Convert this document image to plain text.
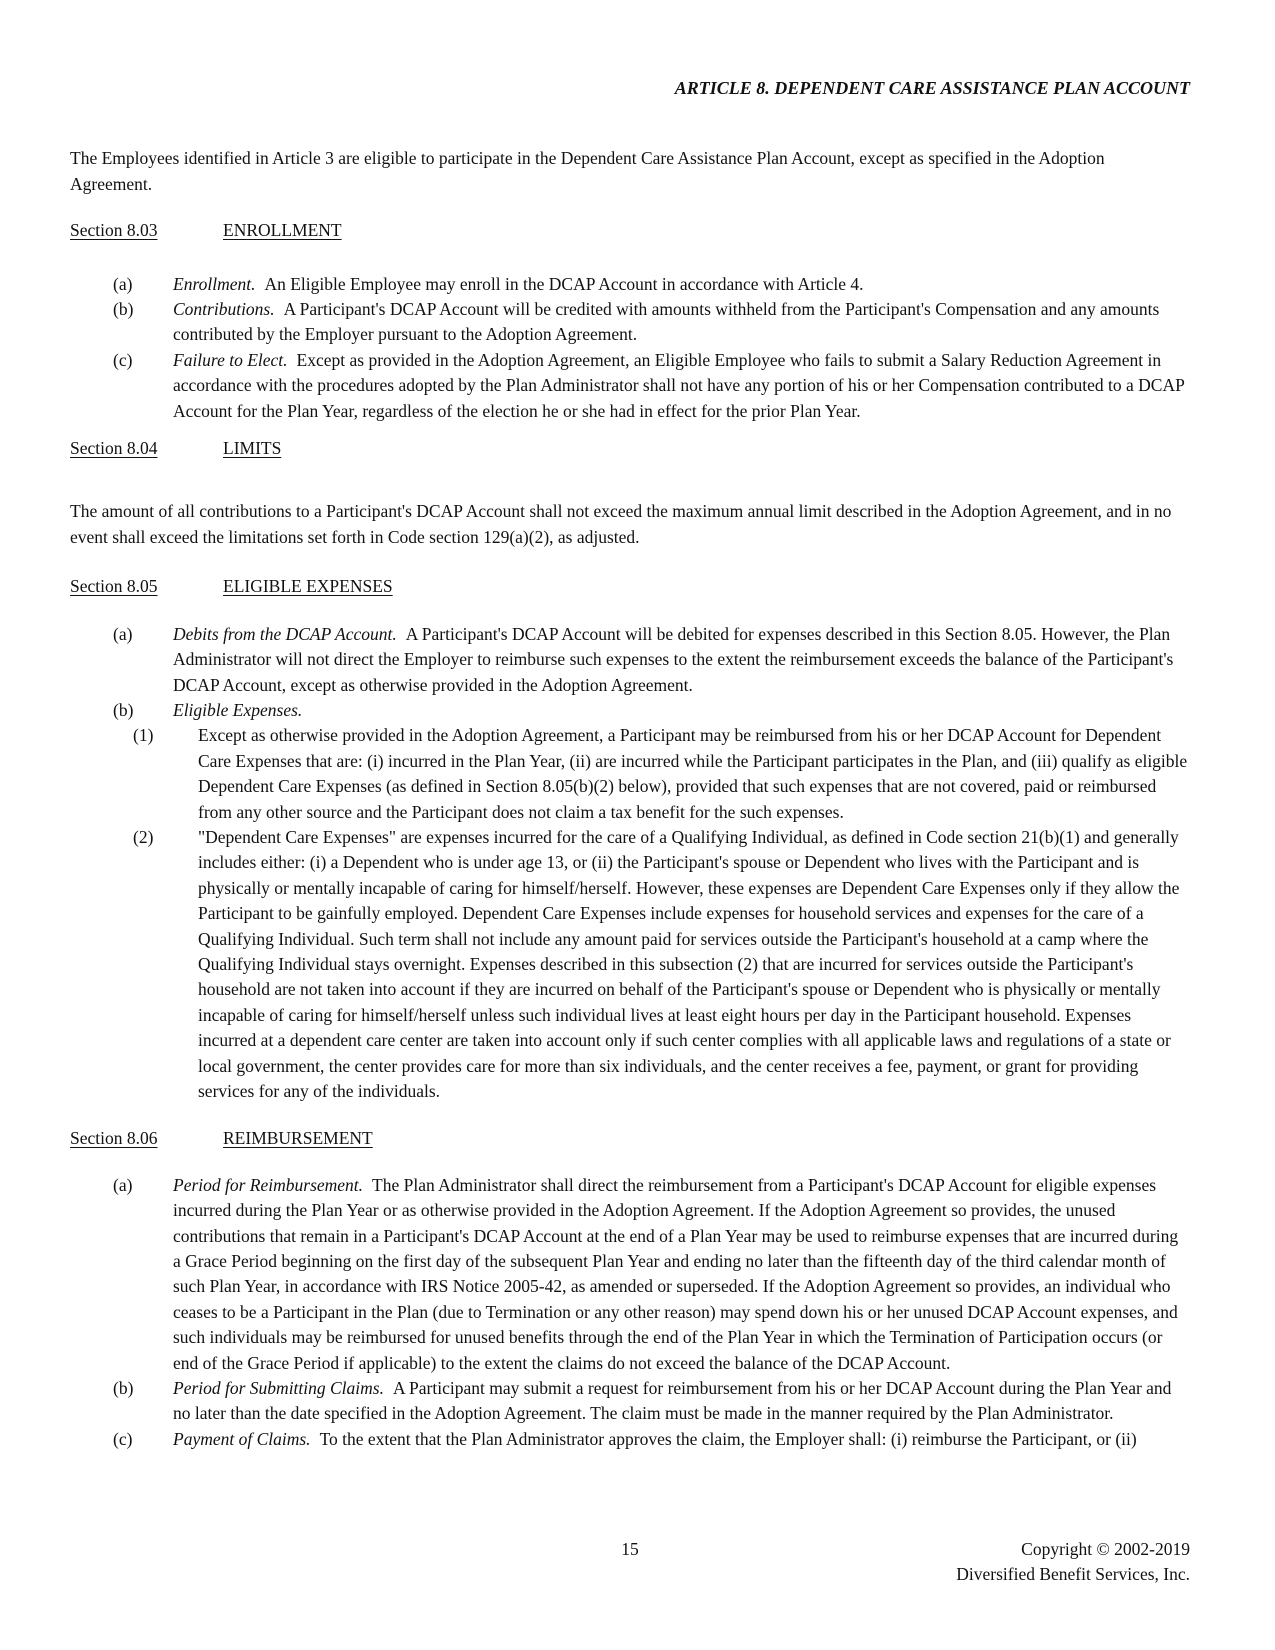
ARTICLE 8. DEPENDENT CARE ASSISTANCE PLAN ACCOUNT

The Employees identified in Article 3 are eligible to participate in the Dependent Care Assistance Plan Account, except as specified in the Adoption Agreement.

Section 8.03	ENROLLMENT
(a) Enrollment. An Eligible Employee may enroll in the DCAP Account in accordance with Article 4.
(b) Contributions. A Participant's DCAP Account will be credited with amounts withheld from the Participant's Compensation and any amounts contributed by the Employer pursuant to the Adoption Agreement.
(c) Failure to Elect. Except as provided in the Adoption Agreement, an Eligible Employee who fails to submit a Salary Reduction Agreement in accordance with the procedures adopted by the Plan Administrator shall not have any portion of his or her Compensation contributed to a DCAP Account for the Plan Year, regardless of the election he or she had in effect for the prior Plan Year.
Section 8.04	LIMITS

The amount of all contributions to a Participant's DCAP Account shall not exceed the maximum annual limit described in the Adoption Agreement, and in no event shall exceed the limitations set forth in Code section 129(a)(2), as adjusted.

Section 8.05	ELIGIBLE EXPENSES
(a) Debits from the DCAP Account. A Participant's DCAP Account will be debited for expenses described in this Section 8.05. However, the Plan Administrator will not direct the Employer to reimburse such expenses to the extent the reimbursement exceeds the balance of the Participant's DCAP Account, except as otherwise provided in the Adoption Agreement.
(b) Eligible Expenses.
(1)	Except as otherwise provided in the Adoption Agreement, a Participant may be reimbursed from his or her DCAP Account for Dependent Care Expenses that are: (i) incurred in the Plan Year, (ii) are incurred while the Participant participates in the Plan, and (iii) qualify as eligible Dependent Care Expenses (as defined in Section 8.05(b)(2) below), provided that such expenses that are not covered, paid or reimbursed from any other source and the Participant does not claim a tax benefit for the such expenses.
(2)	"Dependent Care Expenses" are expenses incurred for the care of a Qualifying Individual, as defined in Code section 21(b)(1) and generally includes either: (i) a Dependent who is under age 13, or (ii) the Participant's spouse or Dependent who lives with the Participant and is physically or mentally incapable of caring for himself/herself. However, these expenses are Dependent Care Expenses only if they allow the Participant to be gainfully employed. Dependent Care Expenses include expenses for household services and expenses for the care of a Qualifying Individual. Such term shall not include any amount paid for services outside the Participant's household at a camp where the Qualifying Individual stays overnight. Expenses described in this subsection (2) that are incurred for services outside the Participant's household are not taken into account if they are incurred on behalf of the Participant's spouse or Dependent who is physically or mentally incapable of caring for himself/herself unless such individual lives at least eight hours per day in the Participant household. Expenses incurred at a dependent care center are taken into account only if such center complies with all applicable laws and regulations of a state or local government, the center provides care for more than six individuals, and the center receives a fee, payment, or grant for providing services for any of the individuals.
Section 8.06	REIMBURSEMENT
(a) Period for Reimbursement. The Plan Administrator shall direct the reimbursement from a Participant's DCAP Account for eligible expenses incurred during the Plan Year or as otherwise provided in the Adoption Agreement. If the Adoption Agreement so provides, the unused contributions that remain in a Participant's DCAP Account at the end of a Plan Year may be used to reimburse expenses that are incurred during a Grace Period beginning on the first day of the subsequent Plan Year and ending no later than the fifteenth day of the third calendar month of such Plan Year, in accordance with IRS Notice 2005-42, as amended or superseded. If the Adoption Agreement so provides, an individual who ceases to be a Participant in the Plan (due to Termination or any other reason) may spend down his or her unused DCAP Account expenses, and such individuals may be reimbursed for unused benefits through the end of the Plan Year in which the Termination of Participation occurs (or end of the Grace Period if applicable) to the extent the claims do not exceed the balance of the DCAP Account.
(b) Period for Submitting Claims. A Participant may submit a request for reimbursement from his or her DCAP Account during the Plan Year and no later than the date specified in the Adoption Agreement. The claim must be made in the manner required by the Plan Administrator.
(c) Payment of Claims. To the extent that the Plan Administrator approves the claim, the Employer shall: (i) reimburse the Participant, or (ii)
15	Copyright © 2002-2019
Diversified Benefit Services, Inc.
